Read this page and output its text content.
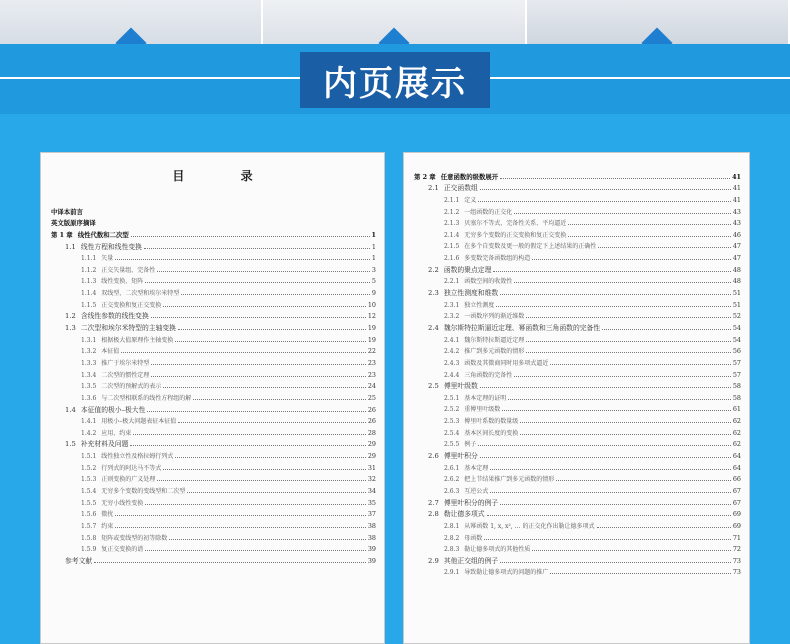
内页展示
目 录
中译本前言
英文版原序摘译
第 1 章 线性代数和二次型	1
1.1 线性方程和线性变换	1
1.1.1 矢量	1
1.1.2 正交矢量组、完备性	3
1.1.3 线性变换、矩阵	5
1.1.4 双线型、二次型和埃尔米特型	9
1.1.5 正交变换和复正交变换	10
1.2 含线性参数的线性变换	12
1.3 二次型和埃尔米特型的主轴变换	19
1.3.1 根据极大值原理作主轴变换	19
1.3.2 本征值	22
1.3.3 推广于埃尔米特型	23
1.3.4 二次型的惯性定理	23
1.3.5 二次型的预解式的表示	24
1.3.6 与二次型相联系的线性方程组的解	25
1.4 本征值的极小–极大性	26
1.4.1 用极小–极大问题表征本征值	26
1.4.2 应用、约束	28
1.5 补充材料及问题	29
1.5.1 线性独立性及格拉姆行列式	29
1.5.2 行列式的阿达马不等式	31
1.5.3 正则变换的广义处理	32
1.5.4 无穷多个变数的变线型和二次型	34
1.5.5 无穷小线性变换	35
1.5.6 微扰	37
1.5.7 约束	38
1.5.8 矩阵或变线型的初等除数	38
1.5.9 复正交变换的谱	39
参考文献	39
第 2 章 任意函数的级数展开	41
2.1 正交函数组	41
2.1.1 定义	41
2.1.2 一组函数的正交化	43
2.1.3 贝塞尔不等式、完备性关系、平均逼近	43
2.1.4 无穷多个变数的正交变换和复正交变换	46
2.1.5 在多个自变数及更一般的假定下上述结果的正确性	47
2.1.6 多变数完备函数组的构造	47
2.2 函数的聚点定理	48
2.2.1 函数空间的收敛性	48
2.3 独立性测度和维数	51
2.3.1 独立性测度	51
2.3.2 一函数序列的渐近维数	52
2.4 魏尔斯特拉斯逼近定理、幂函数和三角函数的完备性	54
2.4.1 魏尔斯特拉斯逼近定理	54
2.4.2 推广到多元函数的情形	56
2.4.3 函数及其微商同时用多项式逼近	57
2.4.4 三角函数的完备性	57
2.5 傅里叶级数	58
2.5.1 基本定理的证明	58
2.5.2 重傅里叶级数	61
2.5.3 傅里叶系数的数量级	62
2.5.4 基本区间长度的变换	62
2.5.5 例子	62
2.6 傅里叶积分	64
2.6.1 基本定理	64
2.6.2 把上节结果推广到多元函数的情形	66
2.6.3 互逆公式	67
2.7 傅里叶积分的例子	67
2.8 勒让德多项式	69
2.8.1 从幂函数 1, x, x², … 的正交化作出勒让德多项式	69
2.8.2 母函数	71
2.8.3 勒让德多项式的其他性质	72
2.9 其他正交组的例子	73
2.9.1 导致勒让德多项式的问题的推广	73
